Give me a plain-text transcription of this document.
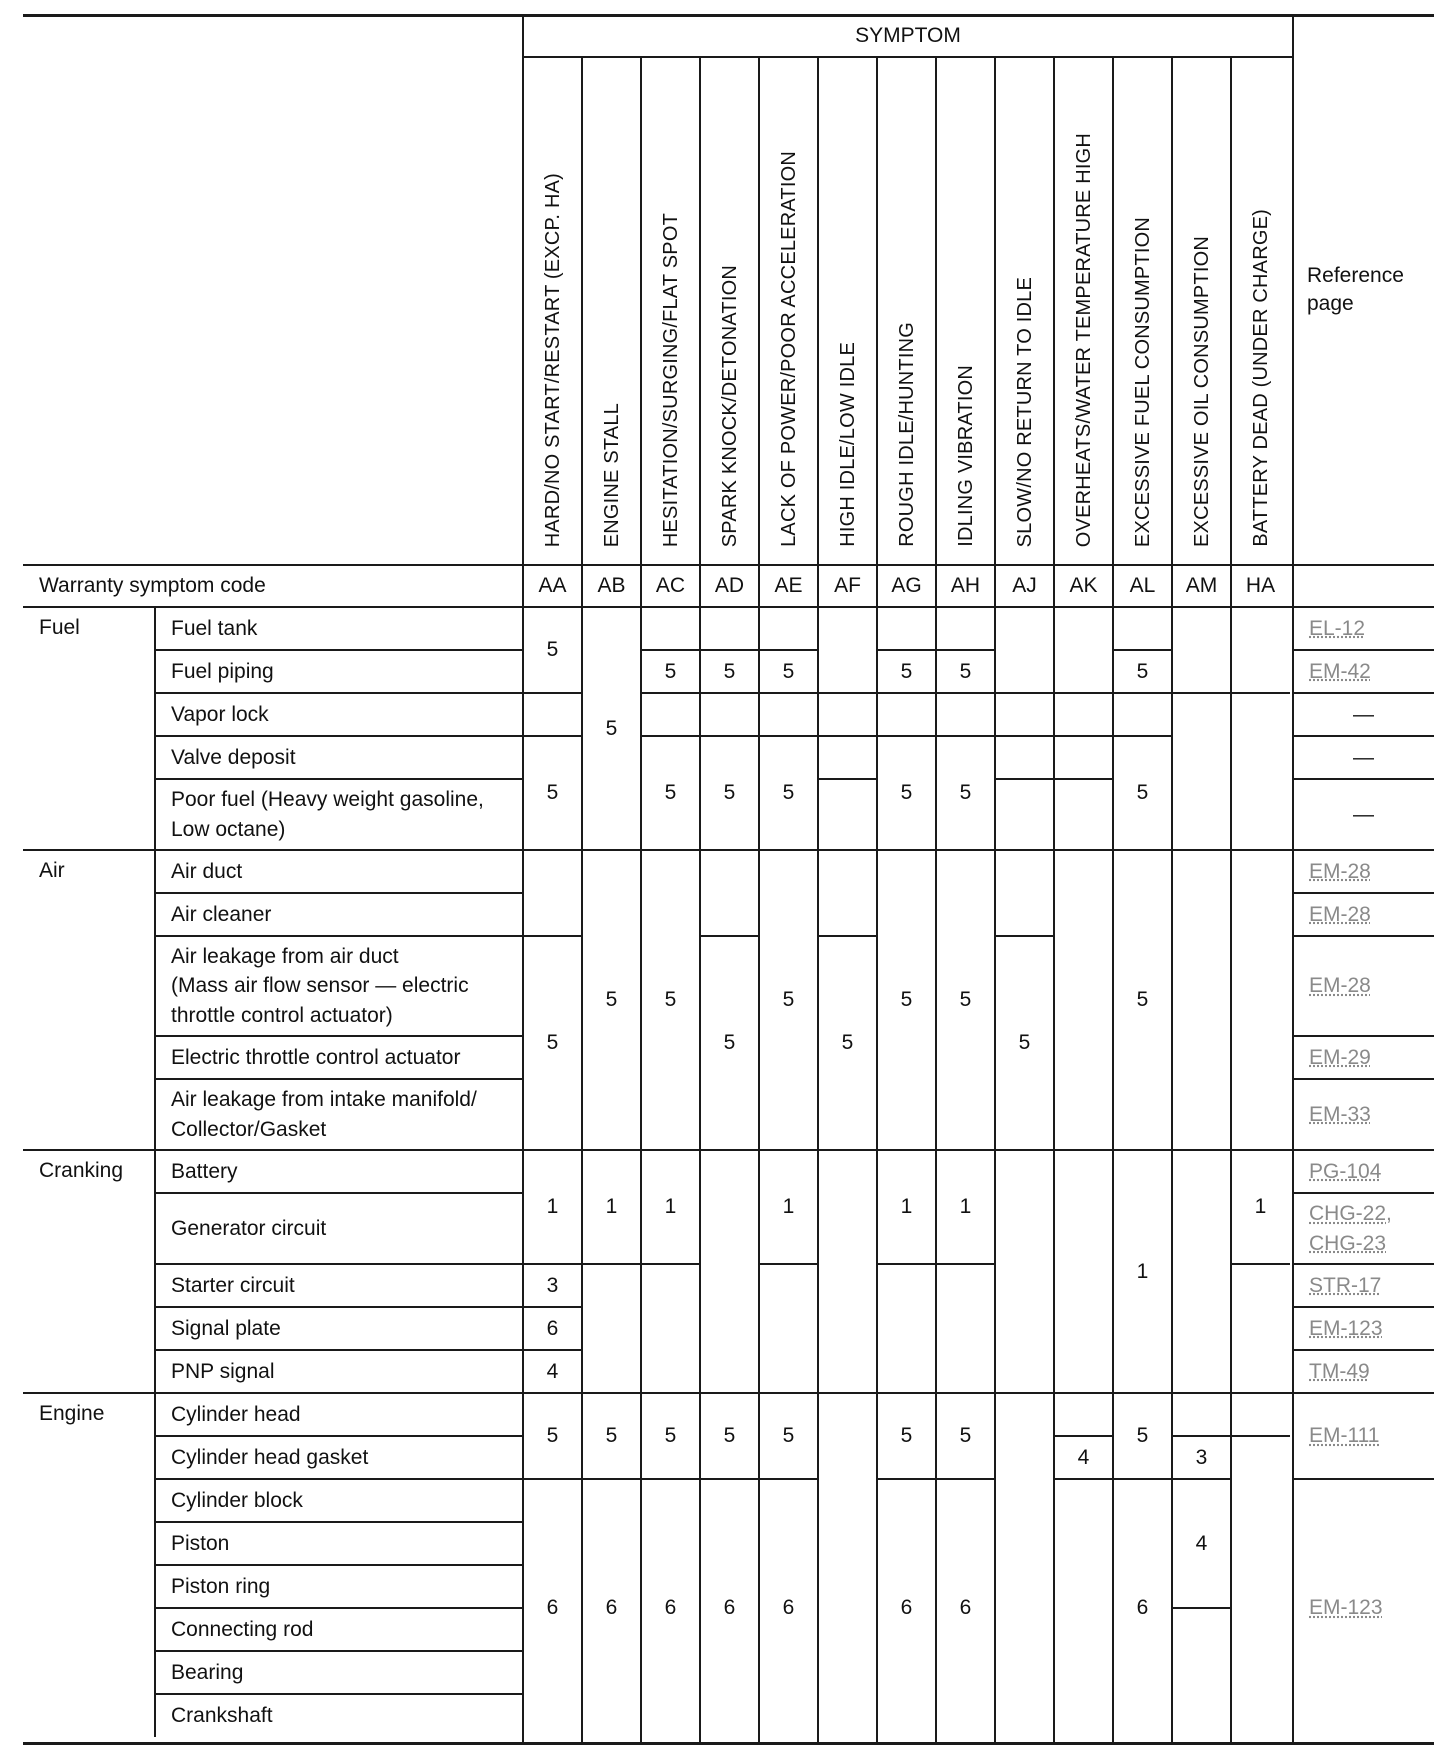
SYMPTOM
Reference page
Warranty symptom code
HARD/NO START/RESTART (EXCP. HA)
AA
ENGINE STALL
AB
HESITATION/SURGING/FLAT SPOT
AC
SPARK KNOCK/DETONATION
AD
LACK OF POWER/POOR ACCELERATION
AE
HIGH IDLE/LOW IDLE
AF
ROUGH IDLE/HUNTING
AG
IDLING VIBRATION
AH
SLOW/NO RETURN TO IDLE
AJ
OVERHEATS/WATER TEMPERATURE HIGH
AK
EXCESSIVE FUEL CONSUMPTION
AL
EXCESSIVE OIL CONSUMPTION
AM
BATTERY DEAD (UNDER CHARGE)
HA
Fuel
Air
Cranking
Engine
Fuel tank
Fuel piping
Vapor lock
Valve deposit
Poor fuel (Heavy weight gasoline,
Low octane)
Air duct
Air cleaner
Air leakage from air duct
(Mass air flow sensor — electric
throttle control actuator)
Electric throttle control actuator
Air leakage from intake manifold/
Collector/Gasket
Battery
Generator circuit
Starter circuit
Signal plate
PNP signal
Cylinder head
Cylinder head gasket
Cylinder block
Piston
Piston ring
Connecting rod
Bearing
Crankshaft
5
5
5
1
3
6
4
5
6
5
5
1
5
6
5
5
5
1
5
6
5
5
5
5
6
5
5
5
1
5
6
5
5
5
5
1
5
6
5
5
5
1
5
6
5
4
5
5
5
1
5
6
3
4
1
EL-12
EM-42
—
—
—
EM-28
EM-28
EM-28
EM-29
EM-33
PG-104
CHG-22,
CHG-23
STR-17
EM-123
TM-49
EM-111
EM-123
